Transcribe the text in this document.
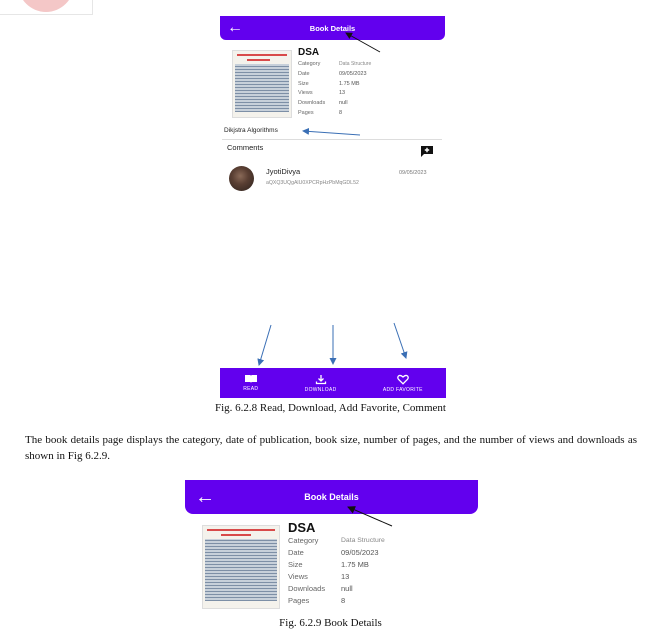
←	Book Details
DSA
Category	Data Structure
Date	09/05/2023
Size	1.75 MB
Views	13
Downloads	null
Pages	8
Dikjstra Algorithms
Comments
JyotiDivya	09/05/2023
aQXQ3UQgAlU0XPCRpHzPbMqGDL52
READ	DOWNLOAD	ADD FAVORITE
Fig. 6.2.8 Read, Download, Add Favorite, Comment
The book details page displays the category, date of publication, book size, number of pages, and the number of views and downloads as shown in Fig 6.2.9.
←	Book Details
DSA
Category	Data Structure
Date	09/05/2023
Size	1.75 MB
Views	13
Downloads	null
Pages	8
Fig. 6.2.9 Book Details
